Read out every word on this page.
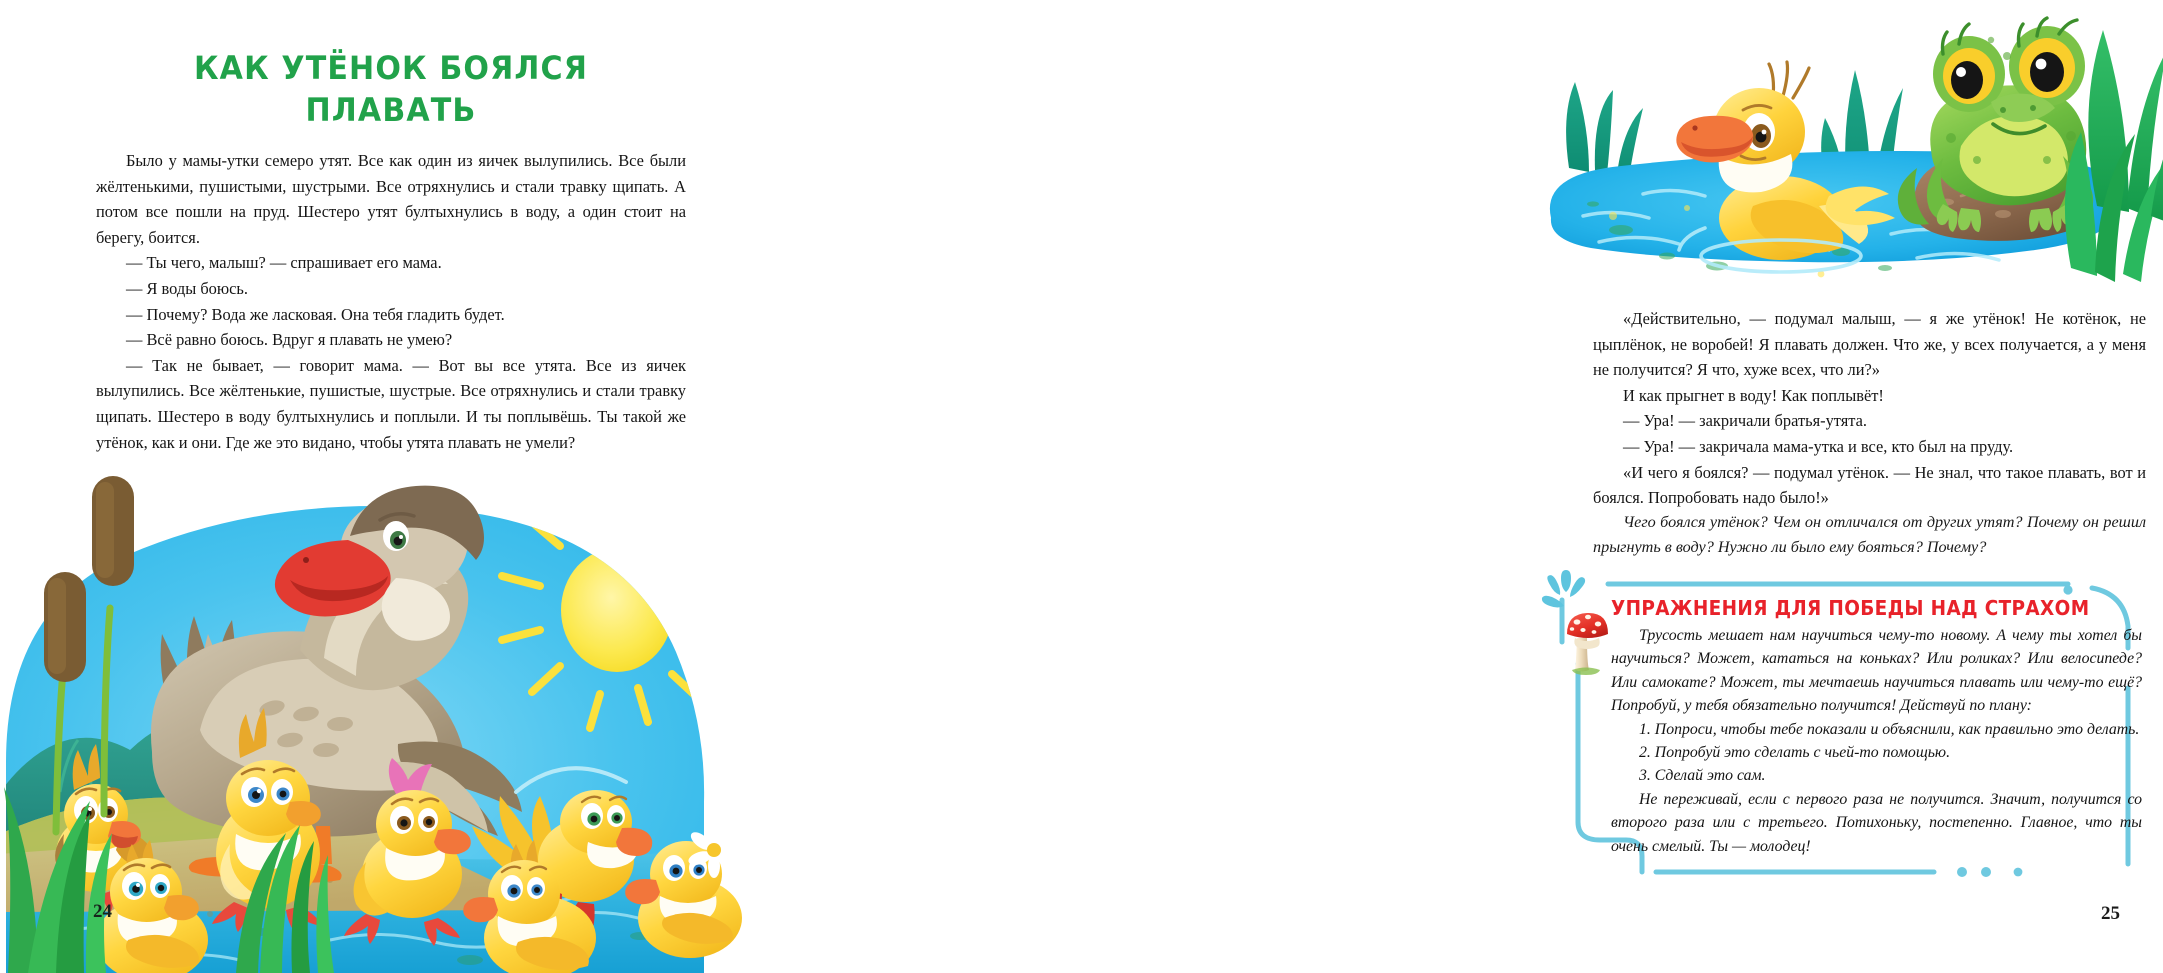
КАК УТЁНОК БОЯЛСЯ
ПЛАВАТЬ

Было у мамы-утки семеро утят. Все как один из яичек вылупились. Все были жёлтенькими, пушистыми, шустрыми. Все отряхнулись и стали травку щипать. А потом все пошли на пруд. Шестеро утят бултыхнулись в воду, а один стоит на берегу, боится.

— Ты чего, малыш? — спрашивает его мама.

— Я воды боюсь.

— Почему? Вода же ласковая. Она тебя гладить будет.

— Всё равно боюсь. Вдруг я плавать не умею?

— Так не бывает, — говорит мама. — Вот вы все утята. Все из яичек вылупились. Все жёлтенькие, пушистые, шустрые. Все отряхнулись и стали травку щипать. Шестеро в воду бултыхнулись и поплыли. И ты поплывёшь. Ты такой же утёнок, как и они. Где же это видано, чтобы утята плавать не умели?

24

«Действительно, — подумал малыш, — я же утёнок! Не котёнок, не цыплёнок, не воробей! Я плавать должен. Что же, у всех получается, а у меня не получится? Я что, хуже всех, что ли?»

И как прыгнет в воду! Как поплывёт!

— Ура! — закричали братья-утята.

— Ура! — закричала мама-утка и все, кто был на пруду.

«И чего я боялся? — подумал утёнок. — Не знал, что такое плавать, вот и боялся. Попробовать надо было!»

Чего боялся утёнок? Чем он отличался от других утят? Почему он решил прыгнуть в воду? Нужно ли было ему бояться? Почему?

УПРАЖНЕНИЯ ДЛЯ ПОБЕДЫ НАД СТРАХОМ

Трусость мешает нам научиться чему-то новому. А чему ты хотел бы научиться? Может, кататься на коньках? Или роликах? Или велосипеде? Или самокате? Может, ты мечтаешь научиться плавать или чему-то ещё? Попробуй, у тебя обязательно получится! Действуй по плану:

1. Попроси, чтобы тебе показали и объяснили, как правильно это делать.

2. Попробуй это сделать с чьей-то помощью.

3. Сделай это сам.

Не переживай, если с первого раза не получится. Значит, получится со второго раза или с третьего. Потихоньку, постепенно. Главное, что ты очень смелый. Ты — молодец!

25
